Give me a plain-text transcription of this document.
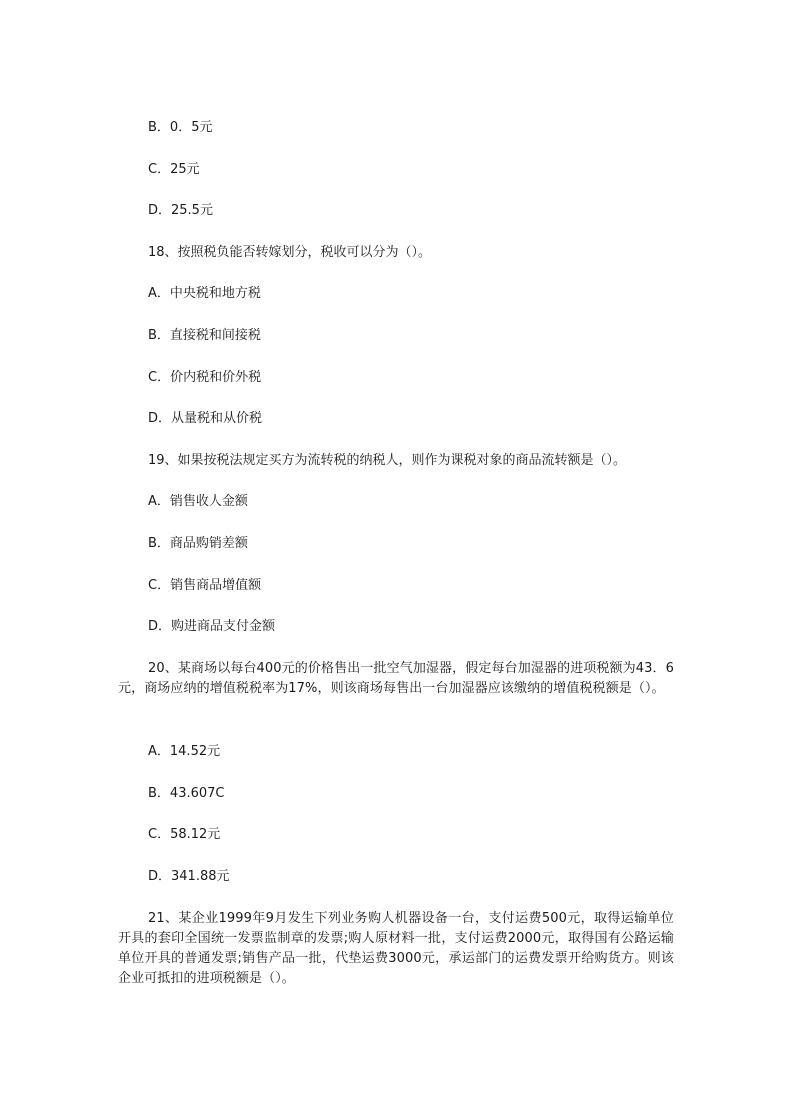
B．0．5元
C．25元
D．25.5元
18、按照税负能否转嫁划分，税收可以分为（）。
A．中央税和地方税
B．直接税和间接税
C．价内税和价外税
D．从量税和从价税
19、如果按税法规定买方为流转税的纳税人，则作为课税对象的商品流转额是（）。
A．销售收人金额
B．商品购销差额
C．销售商品增值额
D．购进商品支付金额
20、某商场以每台400元的价格售出一批空气加湿器，假定每台加湿器的进项税额为43．6元，商场应纳的增值税税率为17%，则该商场每售出一台加湿器应该缴纳的增值税税额是（）。
A．14.52元
B．43.607C
C．58.12元
D．341.88元
21、某企业1999年9月发生下列业务购人机器设备一台，支付运费500元，取得运输单位开具的套印全国统一发票监制章的发票;购人原材料一批，支付运费2000元，取得国有公路运输单位开具的普通发票;销售产品一批，代垫运费3000元，承运部门的运费发票开给购货方。则该企业可抵扣的进项税额是（）。
